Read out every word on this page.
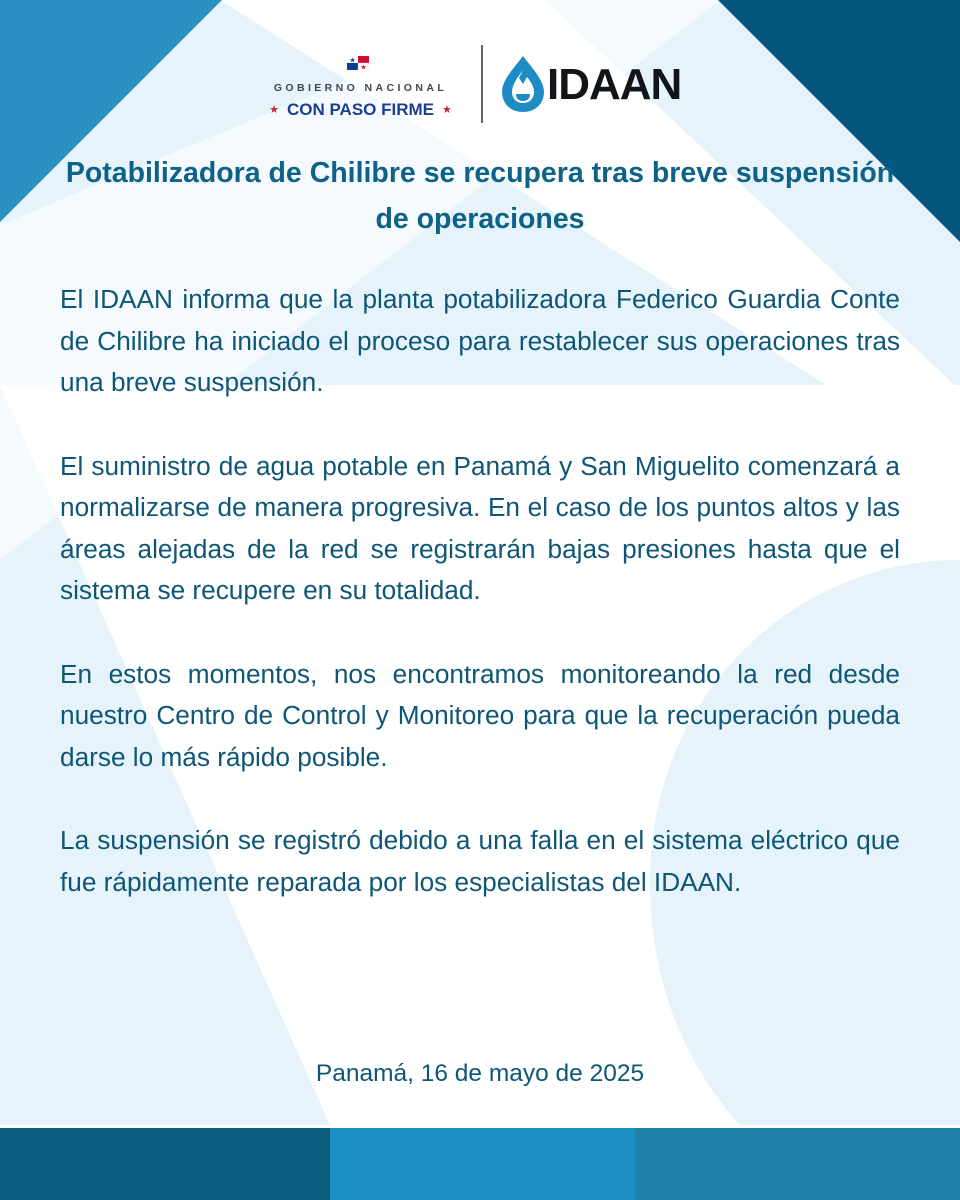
GOBIERNO NACIONAL
★ CON PASO FIRME ★
IDAAN
Potabilizadora de Chilibre se recupera tras breve suspensión de operaciones

El IDAAN informa que la planta potabilizadora Federico Guardia Conte de Chilibre ha iniciado el proceso para restablecer sus operaciones tras una breve suspensión.

El suministro de agua potable en Panamá y San Miguelito comenzará a normalizarse de manera progresiva. En el caso de los puntos altos y las áreas alejadas de la red se registrarán bajas presiones hasta que el sistema se recupere en su totalidad.

En estos momentos, nos encontramos monitoreando la red desde nuestro Centro de Control y Monitoreo para que la recuperación pueda darse lo más rápido posible.

La suspensión se registró debido a una falla en el sistema eléctrico que fue rápidamente reparada por los especialistas del IDAAN.

Panamá, 16 de mayo de 2025
